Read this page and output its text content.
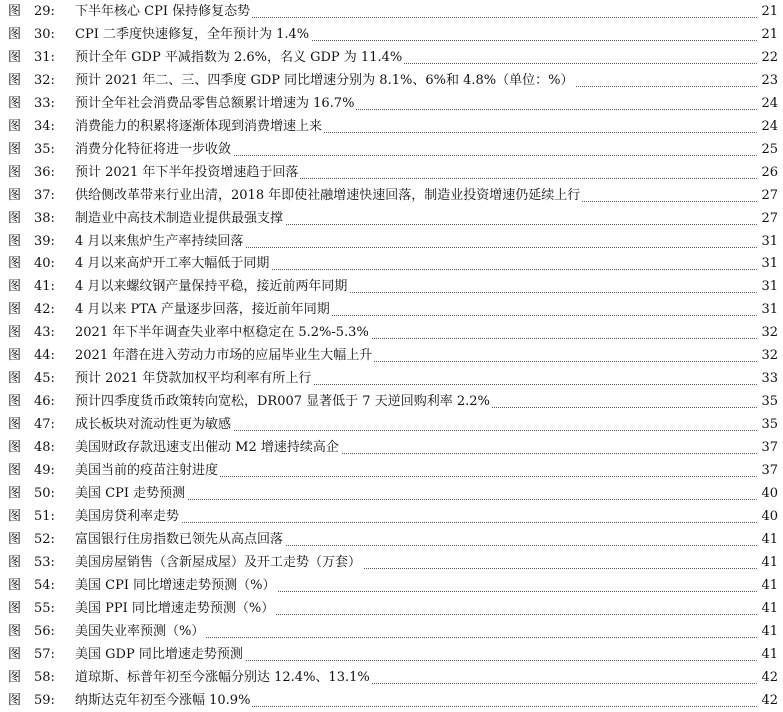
图 29: 下半年核心 CPI 保持修复态势	21
图 30: CPI 二季度快速修复，全年预计为 1.4%	21
图 31: 预计全年 GDP 平减指数为 2.6%，名义 GDP 为 11.4%	22
图 32: 预计 2021 年二、三、四季度 GDP 同比增速分别为 8.1%、6%和 4.8%（单位：%）	23
图 33: 预计全年社会消费品零售总额累计增速为 16.7%	24
图 34: 消费能力的积累将逐渐体现到消费增速上来	24
图 35: 消费分化特征将进一步收敛	25
图 36: 预计 2021 年下半年投资增速趋于回落	26
图 37: 供给侧改革带来行业出清，2018 年即使社融增速快速回落，制造业投资增速仍延续上行	27
图 38: 制造业中高技术制造业提供最强支撑	27
图 39: 4 月以来焦炉生产率持续回落	31
图 40: 4 月以来高炉开工率大幅低于同期	31
图 41: 4 月以来螺纹钢产量保持平稳，接近前两年同期	31
图 42: 4 月以来 PTA 产量逐步回落，接近前年同期	31
图 43: 2021 年下半年调查失业率中枢稳定在 5.2%-5.3%	32
图 44: 2021 年潜在进入劳动力市场的应届毕业生大幅上升	32
图 45: 预计 2021 年贷款加权平均利率有所上行	33
图 46: 预计四季度货币政策转向宽松，DR007 显著低于 7 天逆回购利率 2.2%	35
图 47: 成长板块对流动性更为敏感	35
图 48: 美国财政存款迅速支出催动 M2 增速持续高企	37
图 49: 美国当前的疫苗注射进度	37
图 50: 美国 CPI 走势预测	40
图 51: 美国房贷利率走势	40
图 52: 富国银行住房指数已领先从高点回落	41
图 53: 美国房屋销售（含新屋成屋）及开工走势（万套）	41
图 54: 美国 CPI 同比增速走势预测（%）	41
图 55: 美国 PPI 同比增速走势预测（%）	41
图 56: 美国失业率预测（%）	41
图 57: 美国 GDP 同比增速走势预测	41
图 58: 道琼斯、标普年初至今涨幅分别达 12.4%、13.1%	42
图 59: 纳斯达克年初至今涨幅 10.9%	42
